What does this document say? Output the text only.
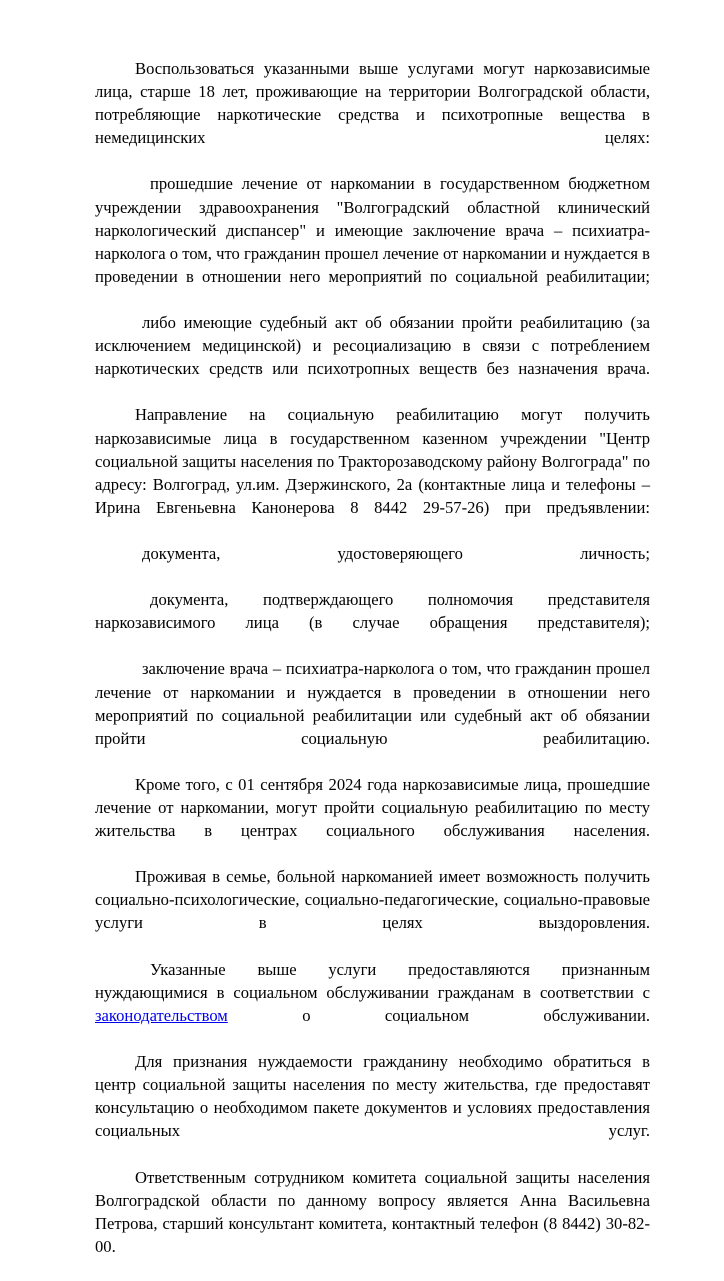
Воспользоваться указанными выше услугами могут наркозависимые лица, старше 18 лет, проживающие на территории Волгоградской области, потребляющие наркотические средства и психотропные вещества в немедицинских целях:

прошедшие лечение от наркомании в государственном бюджетном учреждении здравоохранения "Волгоградский областной клинический наркологический диспансер" и имеющие заключение врача – психиатра-нарколога о том, что гражданин прошел лечение от наркомании и нуждается в проведении в отношении него мероприятий по социальной реабилитации;

либо имеющие судебный акт об обязании пройти реабилитацию (за исключением медицинской) и ресоциализацию в связи с потреблением наркотических средств или психотропных веществ без назначения врача.

Направление на социальную реабилитацию могут получить наркозависимые лица в государственном казенном учреждении "Центр социальной защиты населения по Тракторозаводскому району Волгограда" по адресу: Волгоград, ул.им. Дзержинского, 2а (контактные лица и телефоны – Ирина Евгеньевна Канонерова 8 8442 29-57-26) при предъявлении:

документа, удостоверяющего личность;

документа, подтверждающего полномочия представителя наркозависимого лица (в случае обращения представителя);

заключение врача – психиатра-нарколога о том, что гражданин прошел лечение от наркомании и нуждается в проведении в отношении него мероприятий по социальной реабилитации или судебный акт об обязании пройти социальную реабилитацию.

Кроме того, с 01 сентября 2024 года наркозависимые лица, прошедшие лечение от наркомании, могут пройти социальную реабилитацию по месту жительства в центрах социального обслуживания населения.

Проживая в семье, больной наркоманией имеет возможность получить социально-психологические, социально-педагогические, социально-правовые услуги в целях выздоровления.

Указанные выше услуги предоставляются признанным нуждающимися в социальном обслуживании гражданам в соответствии с законодательством о социальном обслуживании.

Для признания нуждаемости гражданину необходимо обратиться в центр социальной защиты населения по месту жительства, где предоставят консультацию о необходимом пакете документов и условиях предоставления социальных услуг.

Ответственным сотрудником комитета социальной защиты населения Волгоградской области по данному вопросу является Анна Васильевна Петрова, старший консультант комитета, контактный телефон (8 8442) 30-82-00.
